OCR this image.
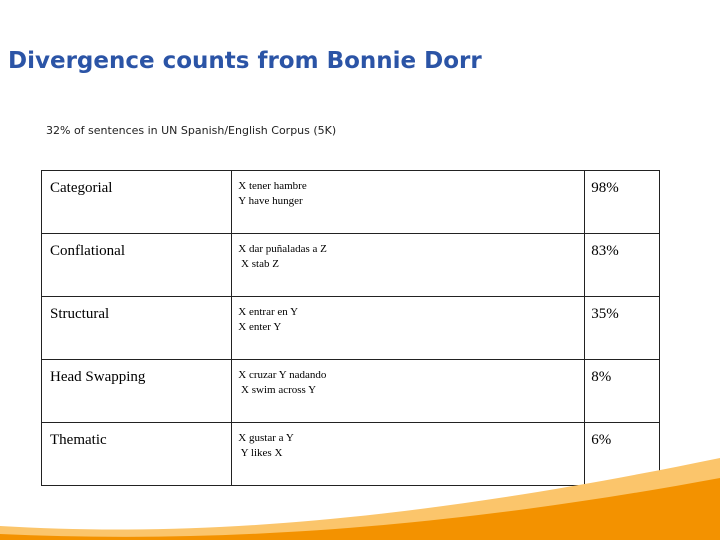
Divergence counts from Bonnie Dorr
32% of sentences in UN Spanish/English Corpus (5K)
Categorial	X tener hambre
Y have hunger	98%

Conflational	X dar puñaladas a Z
X stab Z	83%

Structural	X entrar en Y
X enter Y	35%

Head Swapping	X cruzar Y nadando
X swim across Y	8%

Thematic	X gustar a Y
Y likes X	6%
